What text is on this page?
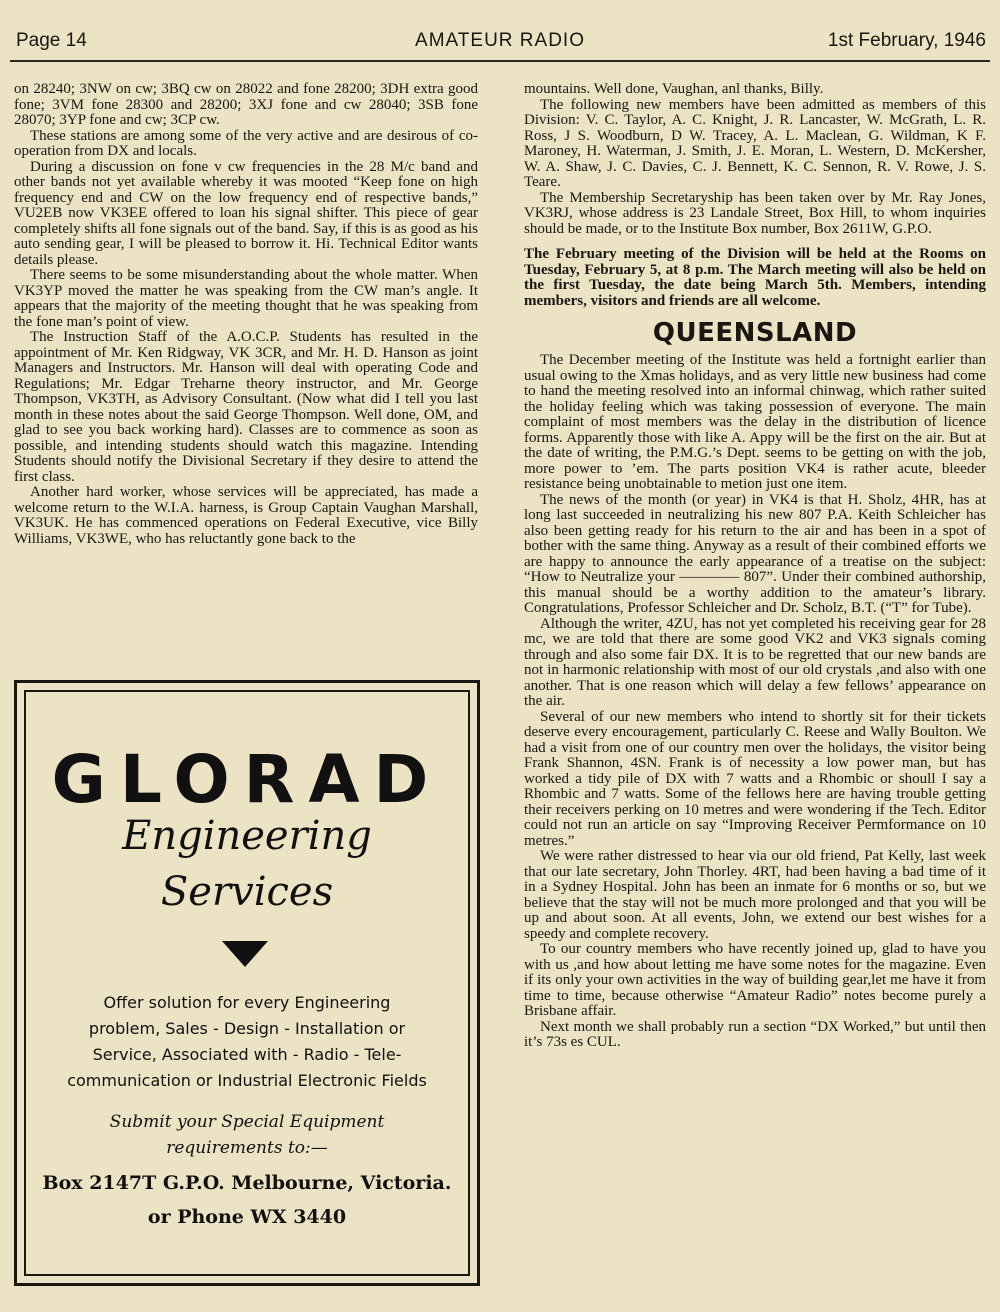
Page 14	AMATEUR RADIO	1st February, 1946

on 28240; 3NW on cw; 3BQ cw on 28022 and fone 28200; 3DH extra good fone; 3VM fone 28300 and 28200; 3XJ fone and cw 28040; 3SB fone 28070; 3YP fone and cw; 3CP cw.

These stations are among some of the very active and are desirous of co-operation from DX and locals.

During a discussion on fone v cw frequencies in the 28 M/c band and other bands not yet available whereby it was mooted “Keep fone on high frequency end and CW on the low frequency end of respective bands,” VU2EB now VK3EE offered to loan his signal shifter. This piece of gear completely shifts all fone signals out of the band. Say, if this is as good as his auto sending gear, I will be pleased to borrow it. Hi. Technical Editor wants details please.

There seems to be some misunderstanding about the whole matter. When VK3YP moved the matter he was speaking from the CW man’s angle. It appears that the majority of the meeting thought that he was speaking from the fone man’s point of view.

The Instruction Staff of the A.O.C.P. Students has resulted in the appointment of Mr. Ken Ridgway, VK 3CR, and Mr. H. D. Hanson as joint Managers and Instructors. Mr. Hanson will deal with operating Code and Regulations; Mr. Edgar Treharne theory instructor, and Mr. George Thompson, VK3TH, as Advisory Consultant. (Now what did I tell you last month in these notes about the said George Thompson. Well done, OM, and glad to see you back working hard). Classes are to commence as soon as possible, and intending students should watch this magazine. Intending Students should notify the Divisional Secretary if they desire to attend the first class.

Another hard worker, whose services will be appreciated, has made a welcome return to the W.I.A. harness, is Group Captain Vaughan Marshall, VK3UK. He has commenced operations on Federal Executive, vice Billy Williams, VK3WE, who has reluctantly gone back to the

GLORAD
Engineering
Services
Offer solution for every Engineering
problem, Sales - Design - Installation or
Service, Associated with - Radio - Tele-
communication or Industrial Electronic Fields
Submit your Special Equipment
requirements to:—
Box 2147T G.P.O. Melbourne, Victoria.
or Phone WX 3440

mountains. Well done, Vaughan, anl thanks, Billy.

The following new members have been admitted as members of this Division: V. C. Taylor, A. C. Knight, J. R. Lancaster, W. McGrath, L. R. Ross, J S. Woodburn, D W. Tracey, A. L. Maclean, G. Wildman, K F. Maroney, H. Waterman, J. Smith, J. E. Moran, L. Western, D. McKersher, W. A. Shaw, J. C. Davies, C. J. Bennett, K. C. Sennon, R. V. Rowe, J. S. Teare.

The Membership Secretaryship has been taken over by Mr. Ray Jones, VK3RJ, whose address is 23 Landale Street, Box Hill, to whom inquiries should be made, or to the Institute Box number, Box 2611W, G.P.O.

The February meeting of the Division will be held at the Rooms on Tuesday, February 5, at 8 p.m. The March meeting will also be held on the first Tuesday, the date being March 5th. Members, intending members, visitors and friends are all welcome.

QUEENSLAND

The December meeting of the Institute was held a fortnight earlier than usual owing to the Xmas holidays, and as very little new business had come to hand the meeting resolved into an informal chinwag, which rather suited the holiday feeling which was taking possession of everyone. The main complaint of most members was the delay in the distribution of licence forms. Apparently those with like A. Appy will be the first on the air. But at the date of writing, the P.M.G.’s Dept. seems to be getting on with the job, more power to ’em. The parts position VK4 is rather acute, bleeder resistance being unobtainable to metion just one item.

The news of the month (or year) in VK4 is that H. Sholz, 4HR, has at long last succeeded in neutralizing his new 807 P.A. Keith Schleicher has also been getting ready for his return to the air and has been in a spot of bother with the same thing. Anyway as a result of their combined efforts we are happy to announce the early appearance of a treatise on the subject: “How to Neutralize your ———— 807”. Under their combined authorship, this manual should be a worthy addition to the amateur’s library. Congratulations, Professor Schleicher and Dr. Scholz, B.T. (“T” for Tube).

Although the writer, 4ZU, has not yet completed his receiving gear for 28 mc, we are told that there are some good VK2 and VK3 signals coming through and also some fair DX. It is to be regretted that our new bands are not in harmonic relationship with most of our old crystals ,and also with one another. That is one reason which will delay a few fellows’ appearance on the air.

Several of our new members who intend to shortly sit for their tickets deserve every encouragement, particularly C. Reese and Wally Boulton. We had a visit from one of our country men over the holidays, the visitor being Frank Shannon, 4SN. Frank is of necessity a low power man, but has worked a tidy pile of DX with 7 watts and a Rhombic or shoull I say a Rhombic and 7 watts. Some of the fellows here are having trouble getting their receivers perking on 10 metres and were wondering if the Tech. Editor could not run an article on say “Improving Receiver Permformance on 10 metres.”

We were rather distressed to hear via our old friend, Pat Kelly, last week that our late secretary, John Thorley. 4RT, had been having a bad time of it in a Sydney Hospital. John has been an inmate for 6 months or so, but we believe that the stay will not be much more prolonged and that you will be up and about soon. At all events, John, we extend our best wishes for a speedy and complete recovery.

To our country members who have recently joined up, glad to have you with us ,and how about letting me have some notes for the magazine. Even if its only your own activities in the way of building gear,let me have it from time to time, because otherwise “Amateur Radio” notes become purely a Brisbane affair.

Next month we shall probably run a section “DX Worked,” but until then it’s 73s es CUL.
